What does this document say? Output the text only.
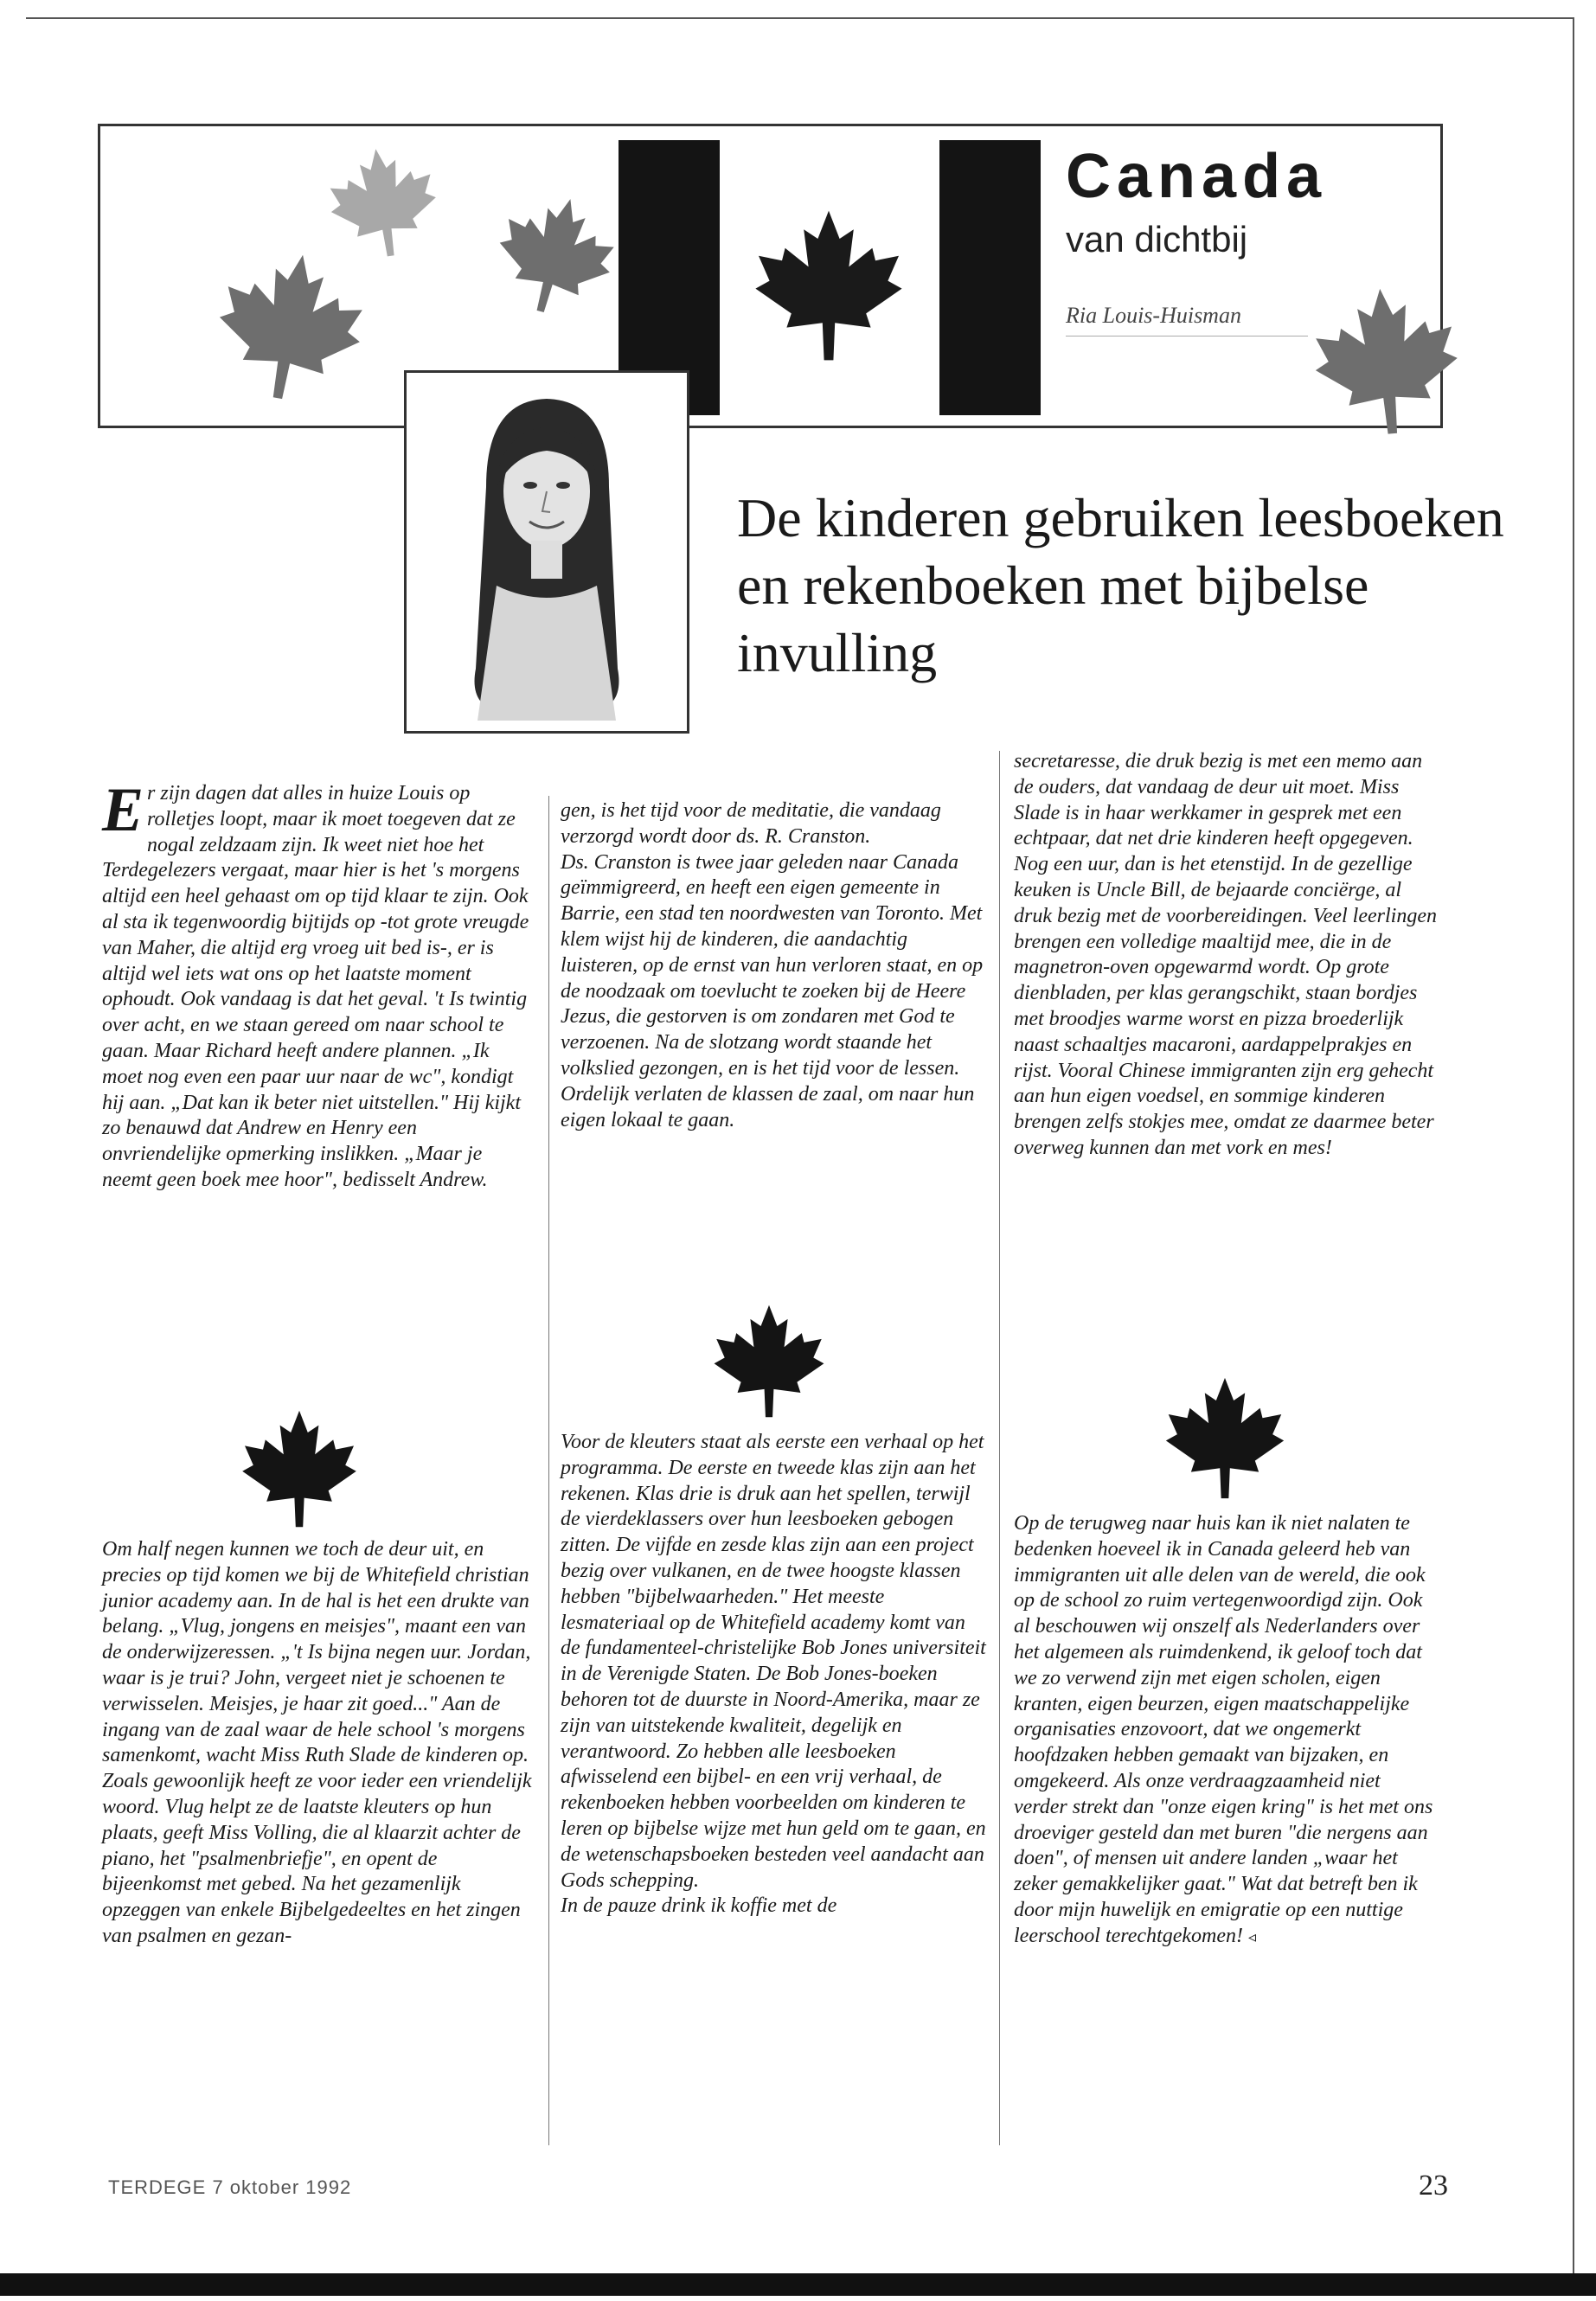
Canada
van dichtbij
Ria Louis-Huisman
De kinderen gebruiken leesboeken en rekenboeken met bijbelse invulling

Er zijn dagen dat alles in huize Louis op rolletjes loopt, maar ik moet toegeven dat ze nogal zeldzaam zijn. Ik weet niet hoe het Terdegelezers vergaat, maar hier is het 's morgens altijd een heel gehaast om op tijd klaar te zijn. Ook al sta ik tegenwoordig bijtijds op -tot grote vreugde van Maher, die altijd erg vroeg uit bed is-, er is altijd wel iets wat ons op het laatste moment ophoudt. Ook vandaag is dat het geval. 't Is twintig over acht, en we staan gereed om naar school te gaan. Maar Richard heeft andere plannen. „Ik moet nog even een paar uur naar de wc", kondigt hij aan. „Dat kan ik beter niet uitstellen." Hij kijkt zo benauwd dat Andrew en Henry een onvriendelijke opmerking inslikken. „Maar je neemt geen boek mee hoor", bedisselt Andrew.

Om half negen kunnen we toch de deur uit, en precies op tijd komen we bij de Whitefield christian junior academy aan. In de hal is het een drukte van belang. „Vlug, jongens en meisjes", maant een van de onderwijzeressen. „'t Is bijna negen uur. Jordan, waar is je trui? John, vergeet niet je schoenen te verwisselen. Meisjes, je haar zit goed..." Aan de ingang van de zaal waar de hele school 's morgens samenkomt, wacht Miss Ruth Slade de kinderen op. Zoals gewoonlijk heeft ze voor ieder een vriendelijk woord. Vlug helpt ze de laatste kleuters op hun plaats, geeft Miss Volling, die al klaarzit achter de piano, het "psalmenbriefje", en opent de bijeenkomst met gebed. Na het gezamenlijk opzeggen van enkele Bijbelgedeeltes en het zingen van psalmen en gezan-

gen, is het tijd voor de meditatie, die vandaag verzorgd wordt door ds. R. Cranston.

Ds. Cranston is twee jaar geleden naar Canada geïmmigreerd, en heeft een eigen gemeente in Barrie, een stad ten noordwesten van Toronto. Met klem wijst hij de kinderen, die aandachtig luisteren, op de ernst van hun verloren staat, en op de noodzaak om toevlucht te zoeken bij de Heere Jezus, die gestorven is om zondaren met God te verzoenen. Na de slotzang wordt staande het volkslied gezongen, en is het tijd voor de lessen. Ordelijk verlaten de klassen de zaal, om naar hun eigen lokaal te gaan.

Voor de kleuters staat als eerste een verhaal op het programma. De eerste en tweede klas zijn aan het rekenen. Klas drie is druk aan het spellen, terwijl de vierdeklassers over hun leesboeken gebogen zitten. De vijfde en zesde klas zijn aan een project bezig over vulkanen, en de twee hoogste klassen hebben "bijbelwaarheden." Het meeste lesmateriaal op de Whitefield academy komt van de fundamenteel-christelijke Bob Jones universiteit in de Verenigde Staten. De Bob Jones-boeken behoren tot de duurste in Noord-Amerika, maar ze zijn van uitstekende kwaliteit, degelijk en verantwoord. Zo hebben alle leesboeken afwisselend een bijbel- en een vrij verhaal, de rekenboeken hebben voorbeelden om kinderen te leren op bijbelse wijze met hun geld om te gaan, en de wetenschapsboeken besteden veel aandacht aan Gods schepping.

In de pauze drink ik koffie met de

secretaresse, die druk bezig is met een memo aan de ouders, dat vandaag de deur uit moet. Miss Slade is in haar werkkamer in gesprek met een echtpaar, dat net drie kinderen heeft opgegeven.

Nog een uur, dan is het etenstijd. In de gezellige keuken is Uncle Bill, de bejaarde conciërge, al druk bezig met de voorbereidingen. Veel leerlingen brengen een volledige maaltijd mee, die in de magnetron-oven opgewarmd wordt. Op grote dienbladen, per klas gerangschikt, staan bordjes met broodjes warme worst en pizza broederlijk naast schaaltjes macaroni, aardappelprakjes en rijst. Vooral Chinese immigranten zijn erg gehecht aan hun eigen voedsel, en sommige kinderen brengen zelfs stokjes mee, omdat ze daarmee beter overweg kunnen dan met vork en mes!

Op de terugweg naar huis kan ik niet nalaten te bedenken hoeveel ik in Canada geleerd heb van immigranten uit alle delen van de wereld, die ook op de school zo ruim vertegenwoordigd zijn. Ook al beschouwen wij onszelf als Nederlanders over het algemeen als ruimdenkend, ik geloof toch dat we zo verwend zijn met eigen scholen, eigen kranten, eigen beurzen, eigen maatschappelijke organisaties enzovoort, dat we ongemerkt hoofdzaken hebben gemaakt van bijzaken, en omgekeerd. Als onze verdraagzaamheid niet verder strekt dan "onze eigen kring" is het met ons droeviger gesteld dan met buren "die nergens aan doen", of mensen uit andere landen „waar het zeker gemakkelijker gaat." Wat dat betreft ben ik door mijn huwelijk en emigratie op een nuttige leerschool terechtgekomen! ◃

TERDEGE 7 oktober 1992	23
